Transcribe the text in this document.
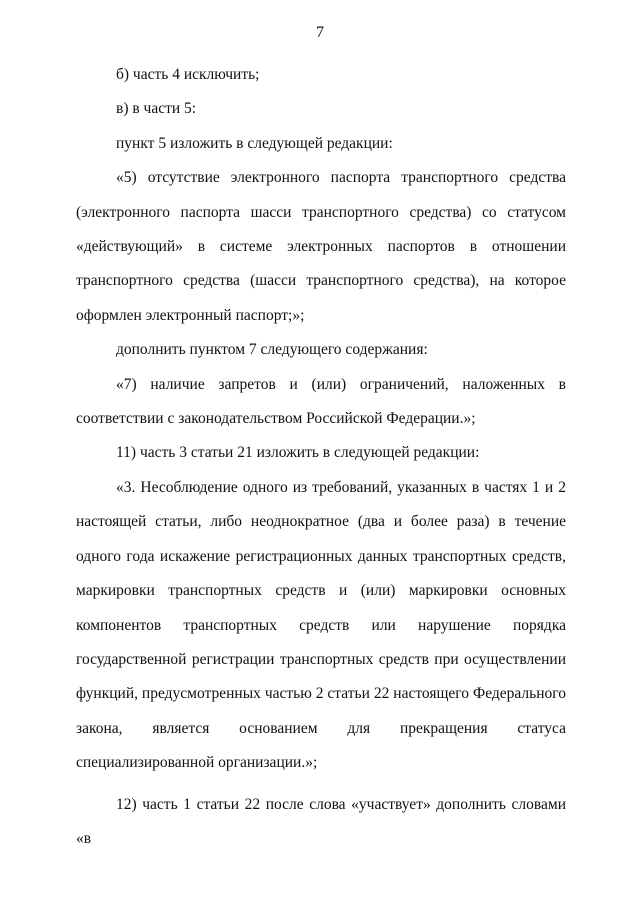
7

б) часть 4 исключить;

в) в части 5:

пункт 5 изложить в следующей редакции:

«5) отсутствие электронного паспорта транспортного средства (электронного паспорта шасси транспортного средства) со статусом «действующий» в системе электронных паспортов в отношении транспортного средства (шасси транспортного средства), на которое оформлен электронный паспорт;»;

дополнить пунктом 7 следующего содержания:

«7) наличие запретов и (или) ограничений, наложенных в соответствии с законодательством Российской Федерации.»;

11) часть 3 статьи 21 изложить в следующей редакции:

«3. Несоблюдение одного из требований, указанных в частях 1 и 2 настоящей статьи, либо неоднократное (два и более раза) в течение одного года искажение регистрационных данных транспортных средств, маркировки транспортных средств и (или) маркировки основных компонентов транспортных средств или нарушение порядка государственной регистрации транспортных средств при осуществлении функций, предусмотренных частью 2 статьи 22 настоящего Федерального закона, является основанием для прекращения статуса специализированной организации.»;

12) часть 1 статьи 22 после слова «участвует» дополнить словами «в
